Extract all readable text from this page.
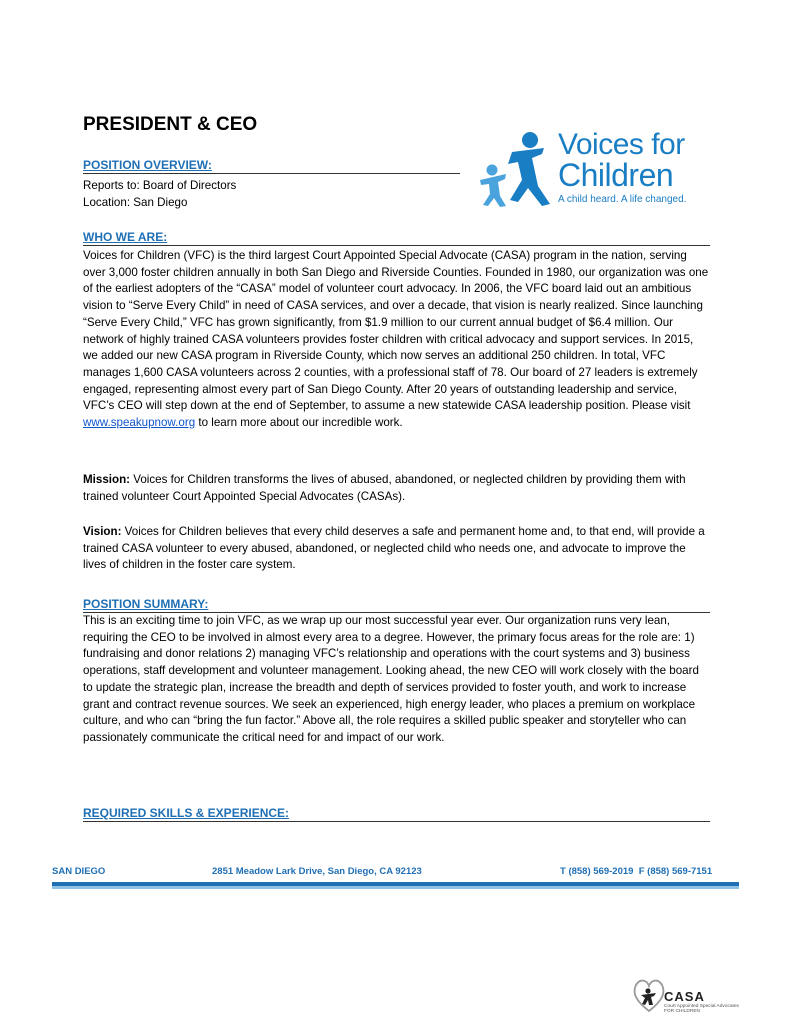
PRESIDENT & CEO
Voices for
Children
A child heard. A life changed.
POSITION OVERVIEW:
Reports to: Board of Directors
Location: San Diego
WHO WE ARE:

Voices for Children (VFC) is the third largest Court Appointed Special Advocate (CASA) program in the nation, serving over 3,000 foster children annually in both San Diego and Riverside Counties. Founded in 1980, our organization was one of the earliest adopters of the “CASA” model of volunteer court advocacy. In 2006, the VFC board laid out an ambitious vision to “Serve Every Child” in need of CASA services, and over a decade, that vision is nearly realized. Since launching “Serve Every Child,” VFC has grown significantly, from $1.9 million to our current annual budget of $6.4 million. Our network of highly trained CASA volunteers provides foster children with critical advocacy and support services. In 2015, we added our new CASA program in Riverside County, which now serves an additional 250 children. In total, VFC manages 1,600 CASA volunteers across 2 counties, with a professional staff of 78. Our board of 27 leaders is extremely engaged, representing almost every part of San Diego County. After 20 years of outstanding leadership and service, VFC’s CEO will step down at the end of September, to assume a new statewide CASA leadership position. Please visit www.speakupnow.org to learn more about our incredible work.

Mission: Voices for Children transforms the lives of abused, abandoned, or neglected children by providing them with trained volunteer Court Appointed Special Advocates (CASAs).

Vision: Voices for Children believes that every child deserves a safe and permanent home and, to that end, will provide a trained CASA volunteer to every abused, abandoned, or neglected child who needs one, and advocate to improve the lives of children in the foster care system.

POSITION SUMMARY:

This is an exciting time to join VFC, as we wrap up our most successful year ever. Our organization runs very lean, requiring the CEO to be involved in almost every area to a degree. However, the primary focus areas for the role are: 1) fundraising and donor relations 2) managing VFC’s relationship and operations with the court systems and 3) business operations, staff development and volunteer management. Looking ahead, the new CEO will work closely with the board to update the strategic plan, increase the breadth and depth of services provided to foster youth, and work to increase grant and contract revenue sources. We seek an experienced, high energy leader, who places a premium on workplace culture, and who can “bring the fun factor.” Above all, the role requires a skilled public speaker and storyteller who can passionately communicate the critical need for and impact of our work.

REQUIRED SKILLS & EXPERIENCE:
SAN DIEGO	2851 Meadow Lark Drive, San Diego, CA 92123	T (858) 569-2019 F (858) 569-7151
CASA
Court Appointed Special Advocates FOR CHILDREN
